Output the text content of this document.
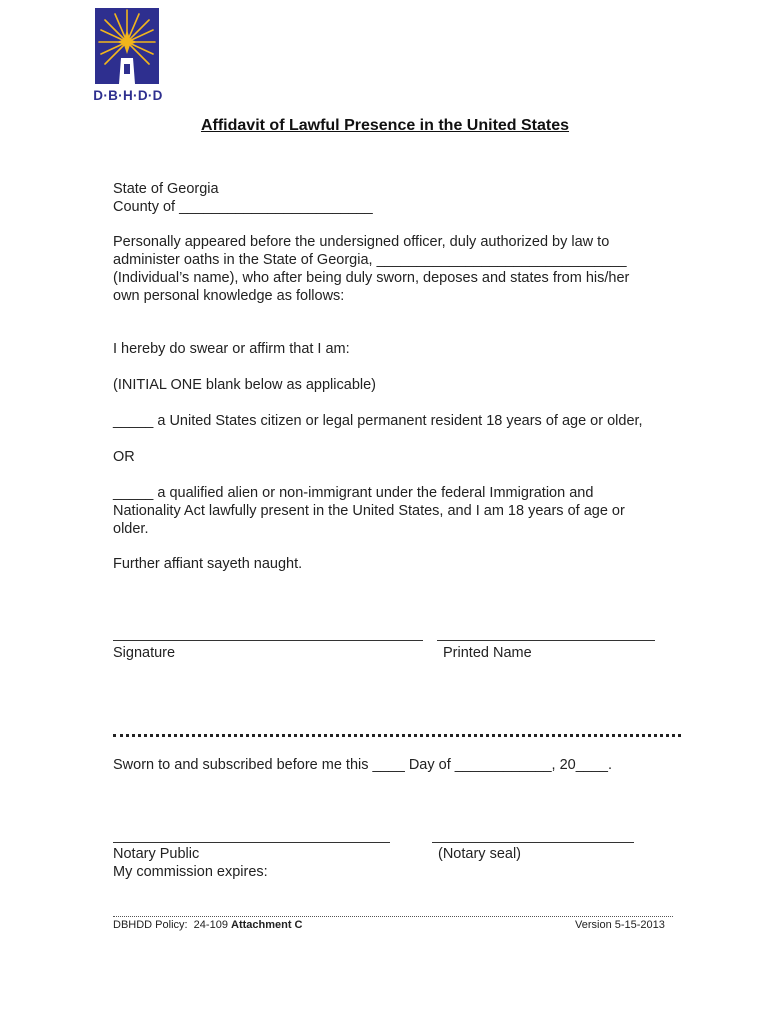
D·B·H·D·D
Affidavit of Lawful Presence in the United States
State of Georgia
County of ________________________
Personally appeared before the undersigned officer, duly authorized by law to
administer oaths in the State of Georgia, _______________________________
(Individual’s name), who after being duly sworn, deposes and states from his/her
own personal knowledge as follows:
I hereby do swear or affirm that I am:
(INITIAL ONE blank below as applicable)
_____ a United States citizen or legal permanent resident 18 years of age or older,
OR
_____ a qualified alien or non-immigrant under the federal Immigration and
Nationality Act lawfully present in the United States, and I am 18 years of age or
older.
Further affiant sayeth naught.
Signature	Printed Name
Sworn to and subscribed before me this ____ Day of ____________, 20____.
Notary Public
My commission expires:
(Notary seal)
DBHDD Policy:  24-109 Attachment C	Version 5-15-2013
